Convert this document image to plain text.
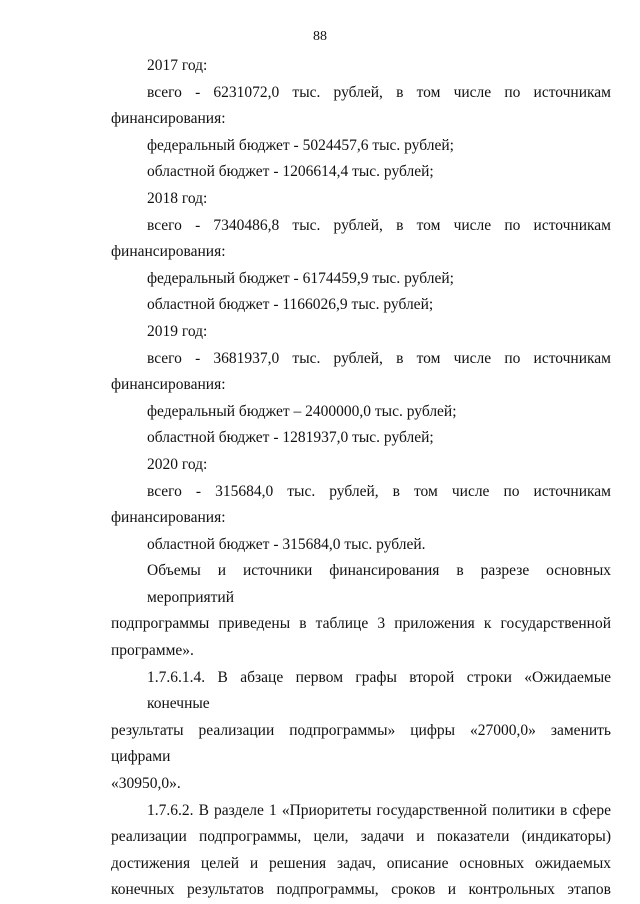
88
2017 год:
всего - 6231072,0 тыс. рублей, в том числе по источникам
финансирования:
федеральный бюджет - 5024457,6 тыс. рублей;
областной бюджет - 1206614,4 тыс. рублей;
2018 год:
всего - 7340486,8 тыс. рублей, в том числе по источникам
финансирования:
федеральный бюджет - 6174459,9 тыс. рублей;
областной бюджет - 1166026,9 тыс. рублей;
2019 год:
всего - 3681937,0 тыс. рублей, в том числе по источникам
финансирования:
федеральный бюджет – 2400000,0 тыс. рублей;
областной бюджет - 1281937,0 тыс. рублей;
2020 год:
всего - 315684,0 тыс. рублей, в том числе по источникам
финансирования:
областной бюджет - 315684,0 тыс. рублей.
Объемы и источники финансирования в разрезе основных мероприятий
подпрограммы приведены в таблице 3 приложения к государственной
программе».
1.7.6.1.4. В абзаце первом графы второй строки «Ожидаемые конечные
результаты реализации подпрограммы» цифры «27000,0» заменить цифрами
«30950,0».
1.7.6.2. В разделе 1 «Приоритеты государственной политики в сфере
реализации подпрограммы, цели, задачи и показатели (индикаторы)
достижения целей и решения задач, описание основных ожидаемых
конечных результатов подпрограммы, сроков и контрольных этапов
